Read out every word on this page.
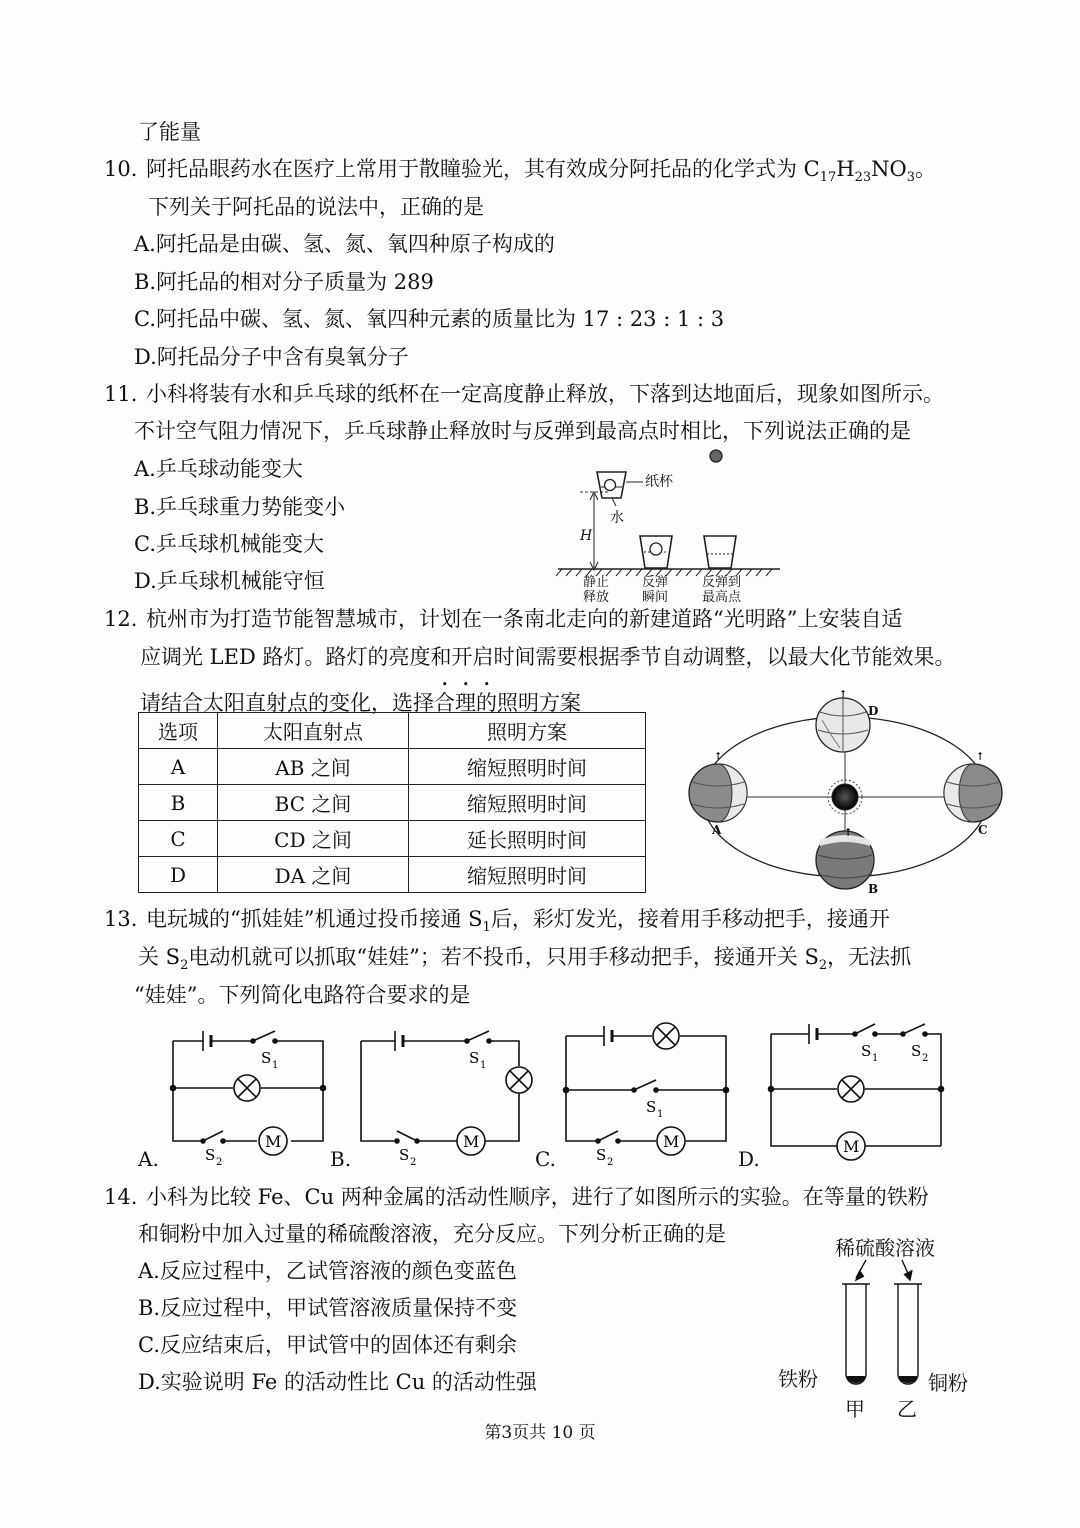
了能量
10. 阿托品眼药水在医疗上常用于散瞳验光，其有效成分阿托品的化学式为 $C_{17}H_{23}NO_3$。
下列关于阿托品的说法中，正确的是
A.阿托品是由碳、氢、氮、氧四种原子构成的
B.阿托品的相对分子质量为 289
C.阿托品中碳、氢、氮、氧四种元素的质量比为 17 : 23 : 1 : 3
D.阿托品分子中含有臭氧分子
11. 小科将装有水和乒乓球的纸杯在一定高度静止释放，下落到达地面后，现象如图所示。
不计空气阻力情况下，乒乓球静止释放时与反弹到最高点时相比，下列说法正确的是
A.乒乓球动能变大
B.乒乓球重力势能变小
C.乒乓球机械能变大
D.乒乓球机械能守恒
纸杯
水
H
静止
释放
反弹
瞬间
反弹到
最高点
12. 杭州市为打造节能智慧城市，计划在一条南北走向的新建道路“光明路”上安装自适
应调光 LED 路灯。路灯的亮度和开启时间需要根据季节自动调整，以最大化节能效果。
请结合太阳直射点的变化，选择合理的照明方案
选项	太阳直射点	照明方案
A	AB 之间	缩短照明时间
B	BC 之间	缩短照明时间
C	CD 之间	延长照明时间
D	DA 之间	缩短照明时间
⭡
⭡	⭡
⭡
D
A	C
B
13. 电玩城的“抓娃娃”机通过投币接通 $S_1$后，彩灯发光，接着用手移动把手，接通开
关 $S_2$电动机就可以抓取“娃娃”；若不投币，只用手移动把手，接通开关 $S_2$，无法抓
“娃娃”。下列简化电路符合要求的是
M
S 1
S 2
A.
M
S 1
S 2
B.
M
S 1
S 2
C.
M
S 1 S 2
D.
14. 小科为比较 Fe、Cu 两种金属的活动性顺序，进行了如图所示的实验。在等量的铁粉
和铜粉中加入过量的稀硫酸溶液，充分反应。下列分析正确的是
A.反应过程中，乙试管溶液的颜色变蓝色
B.反应过程中，甲试管溶液质量保持不变
C.反应结束后，甲试管中的固体还有剩余
D.实验说明 Fe 的活动性比 Cu 的活动性强
稀硫酸溶液
铁粉	铜粉
甲 乙
第3页共 10 页
